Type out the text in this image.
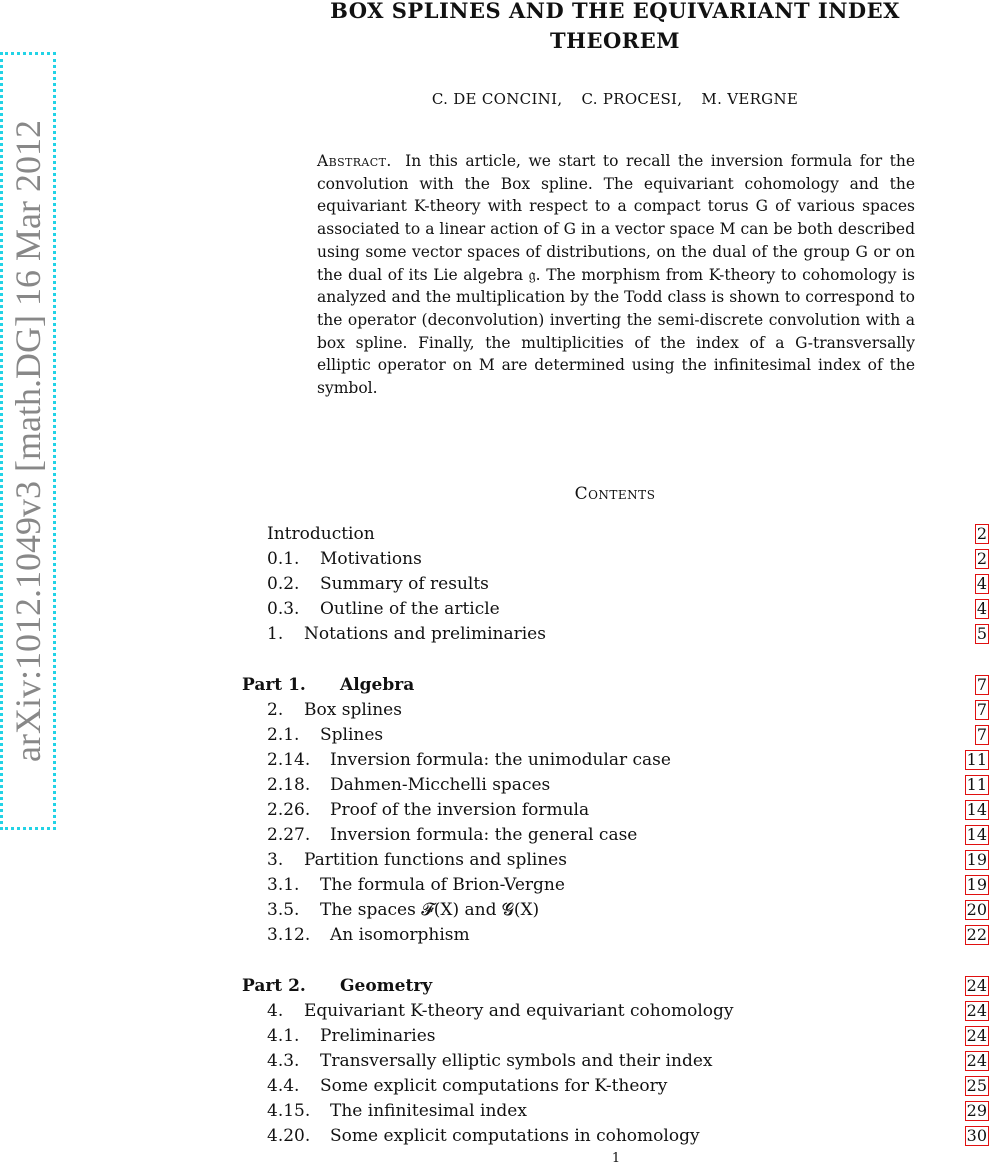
arXiv:1012.1049v3 [math.DG] 16 Mar 2012
BOX SPLINES AND THE EQUIVARIANT INDEX
THEOREM
C. DE CONCINI, C. PROCESI, M. VERGNE
Abstract. In this article, we start to recall the inversion formula for the convolution with the Box spline. The equivariant cohomology and the equivariant K-theory with respect to a compact torus G of various spaces associated to a linear action of G in a vector space M can be both described using some vector spaces of distributions, on the dual of the group G or on the dual of its Lie algebra 𝔤. The morphism from K-theory to cohomology is analyzed and the multiplication by the Todd class is shown to correspond to the operator (deconvolution) inverting the semi-discrete convolution with a box spline. Finally, the multiplicities of the index of a G-transversally elliptic operator on M are determined using the infinitesimal index of the symbol.
Contents
Introduction	2
0.1. Motivations	2
0.2. Summary of results	4
0.3. Outline of the article	4
1. Notations and preliminaries	5
Part 1. Algebra	7
2. Box splines	7
2.1. Splines	7
2.14. Inversion formula: the unimodular case	11
2.18. Dahmen-Micchelli spaces	11
2.26. Proof of the inversion formula	14
2.27. Inversion formula: the general case	14
3. Partition functions and splines	19
3.1. The formula of Brion-Vergne	19
3.5. The spaces 𝓕(X) and 𝓖(X)	20
3.12. An isomorphism	22
Part 2. Geometry	24
4. Equivariant K-theory and equivariant cohomology	24
4.1. Preliminaries	24
4.3. Transversally elliptic symbols and their index	24
4.4. Some explicit computations for K-theory	25
4.15. The infinitesimal index	29
4.20. Some explicit computations in cohomology	30
1
